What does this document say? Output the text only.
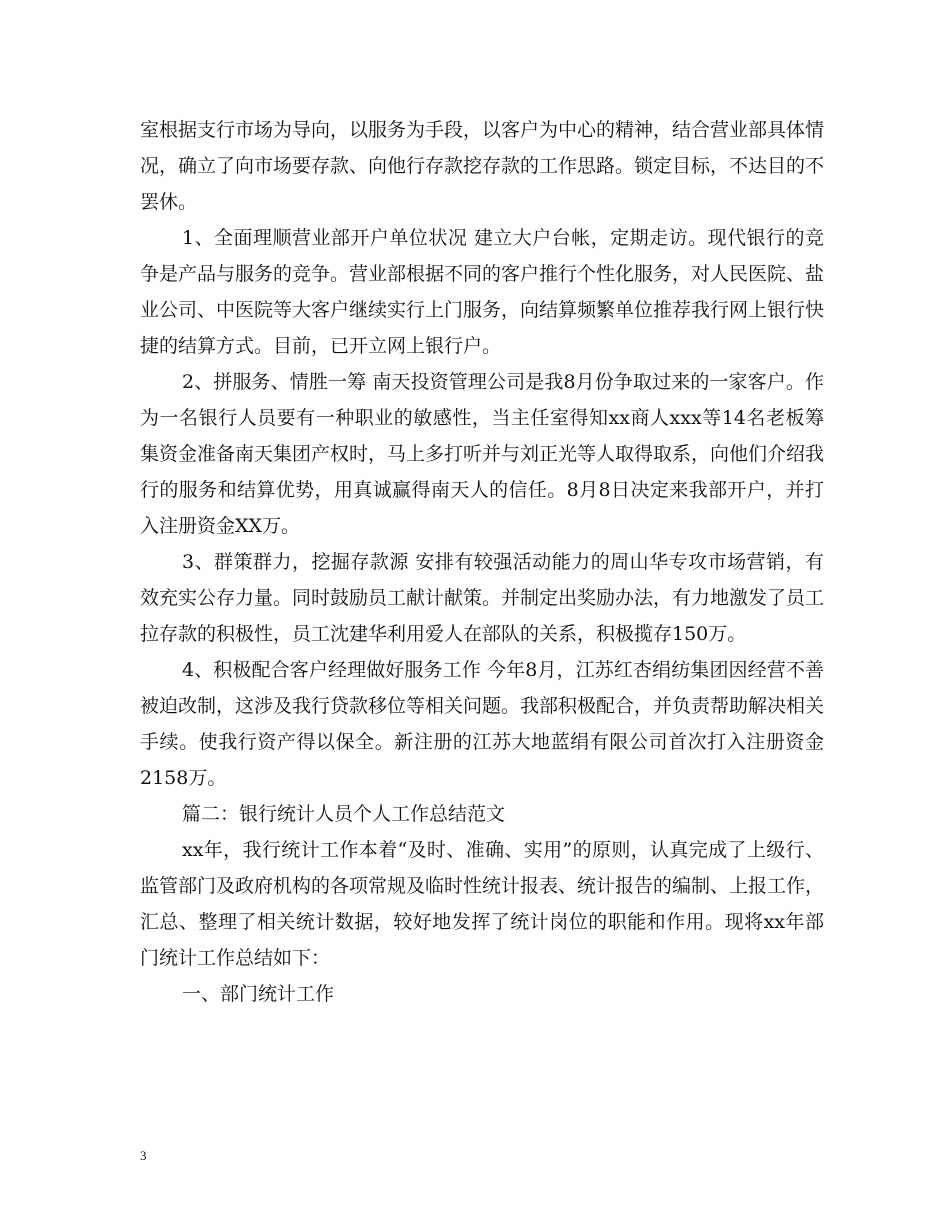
室根据支行市场为导向，以服务为手段，以客户为中心的精神，结合营业部具体情况，确立了向市场要存款、向他行存款挖存款的工作思路。锁定目标，不达目的不罢休。

1、全面理顺营业部开户单位状况 建立大户台帐，定期走访。现代银行的竞争是产品与服务的竞争。营业部根据不同的客户推行个性化服务，对人民医院、盐业公司、中医院等大客户继续实行上门服务，向结算频繁单位推荐我行网上银行快捷的结算方式。目前，已开立网上银行户。

2、拼服务、情胜一筹 南天投资管理公司是我8月份争取过来的一家客户。作为一名银行人员要有一种职业的敏感性，当主任室得知xx商人xxx等14名老板筹集资金准备南天集团产权时，马上多打听并与刘正光等人取得取系，向他们介绍我行的服务和结算优势，用真诚赢得南天人的信任。8月8日决定来我部开户，并打入注册资金XX万。

3、群策群力，挖掘存款源 安排有较强活动能力的周山华专攻市场营销，有效充实公存力量。同时鼓励员工献计献策。并制定出奖励办法，有力地激发了员工拉存款的积极性，员工沈建华利用爱人在部队的关系，积极揽存150万。

4、积极配合客户经理做好服务工作 今年8月，江苏红杏绢纺集团因经营不善被迫改制，这涉及我行贷款移位等相关问题。我部积极配合，并负责帮助解决相关手续。使我行资产得以保全。新注册的江苏大地蓝绢有限公司首次打入注册资金2158万。

篇二：银行统计人员个人工作总结范文

xx年，我行统计工作本着“及时、准确、实用”的原则，认真完成了上级行、监管部门及政府机构的各项常规及临时性统计报表、统计报告的编制、上报工作，汇总、整理了相关统计数据，较好地发挥了统计岗位的职能和作用。现将xx年部门统计工作总结如下：

一、部门统计工作

3
